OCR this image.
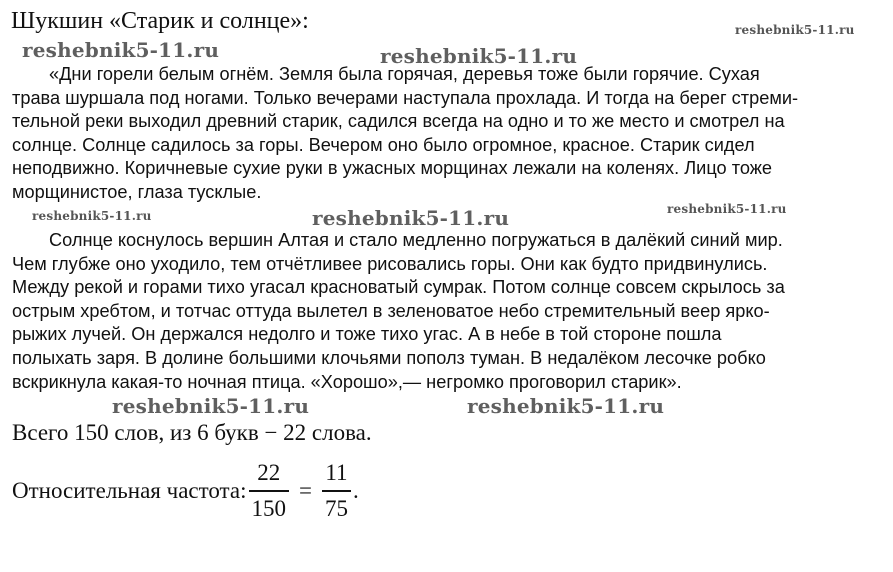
Шукшин «Старик и солнце»:	reshebnik5-11.ru
reshebnik5-11.ru	reshebnik5-11.ru
reshebnik5-11.ru	reshebnik5-11.ru	reshebnik5-11.ru
reshebnik5-11.ru	reshebnik5-11.ru
«Дни горели белым огнём. Земля была горячая, деревья тоже были горячие. Сухая
трава шуршала под ногами. Только вечерами наступала прохлада. И тогда на берег стреми-
тельной реки выходил древний старик, садился всегда на одно и то же место и смотрел на
солнце. Солнце садилось за горы. Вечером оно было огромное, красное. Старик сидел
неподвижно. Коричневые сухие руки в ужасных морщинах лежали на коленях. Лицо тоже
морщинистое, глаза тусклые.
Солнце коснулось вершин Алтая и стало медленно погружаться в далёкий синий мир.
Чем глубже оно уходило, тем отчётливее рисовались горы. Они как будто придвинулись.
Между рекой и горами тихо угасал красноватый сумрак. Потом солнце совсем скрылось за
острым хребтом, и тотчас оттуда вылетел в зеленоватое небо стремительный веер ярко-
рыжих лучей. Он держался недолго и тоже тихо угас. А в небе в той стороне пошла
полыхать заря. В долине большими клочьями пополз туман. В недалёком лесочке робко
вскрикнула какая-то ночная птица. «Хорошо»,— негромко проговорил старик».
Всего 150 слов, из 6 букв − 22 слова.
Относительная частота: $\frac{22}{150} = \frac{11}{75}$ .
